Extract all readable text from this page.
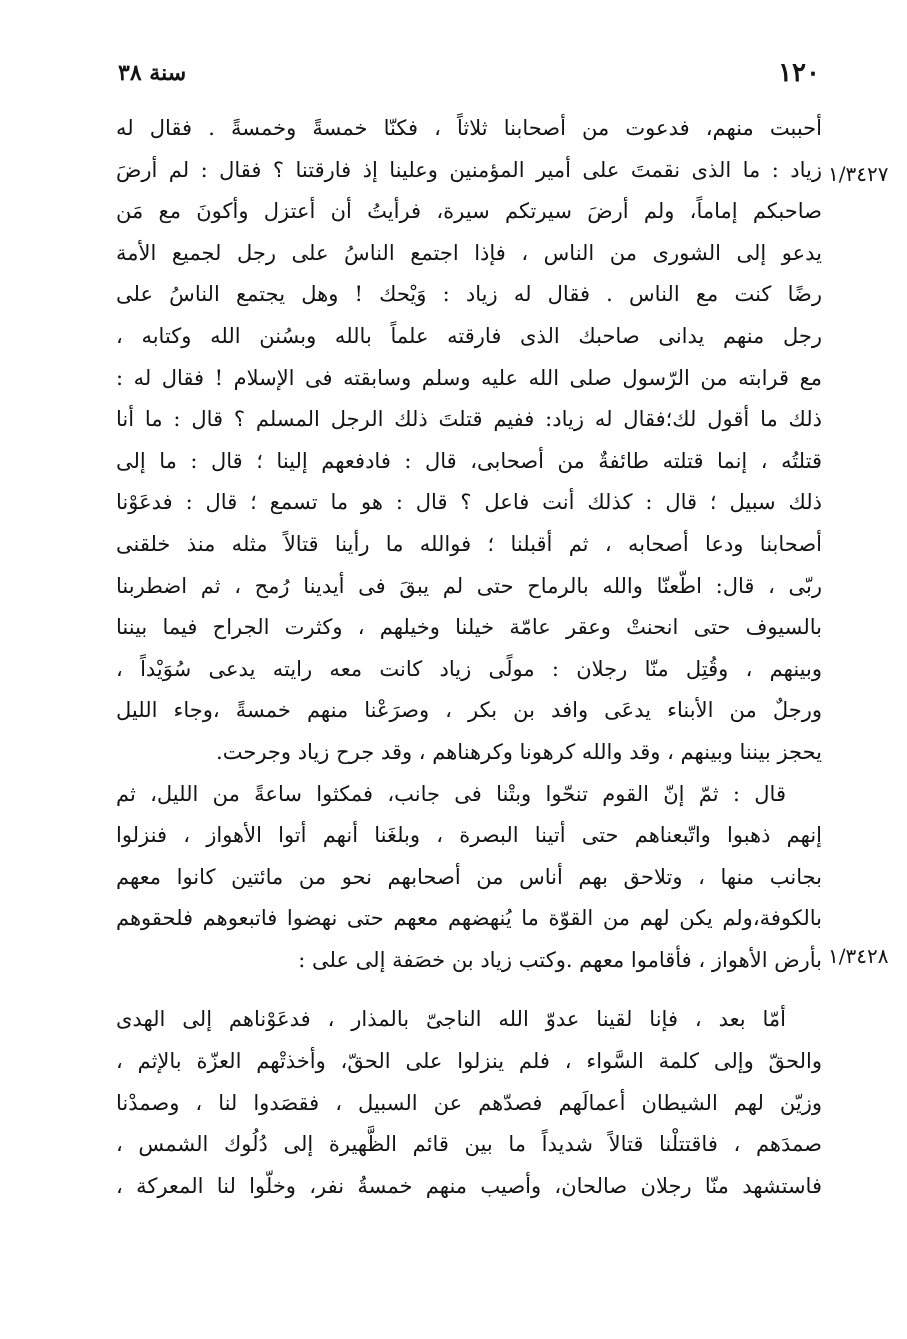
١٢٠
سنة ٣٨
١/٣٤٢٧
١/٣٤٢٨
أحببت منهم، فدعوت من أصحابنا ثلاثاً ، فكنّا خمسةً وخمسةً . فقال له
زياد : ما الذى نقمتَ على أمير المؤمنين وعلينا إذ فارقتنا ؟ فقال : لم أرضَ
صاحبكم إماماً، ولم أرضَ سيرتكم سيرة، فرأيتُ أن أعتزل وأكونَ مع مَن
يدعو إلى الشورى من الناس ، فإذا اجتمع الناسُ على رجل لجميع الأمة
رضًا كنت مع الناس . فقال له زياد : وَيْحك ! وهل يجتمع الناسُ على
رجل منهم يدانى صاحبك الذى فارقته علماً بالله وبسُنن الله وكتابه ،
مع قرابته من الرّسول صلى الله عليه وسلم وسابقته فى الإسلام ! فقال له :
ذلك ما أقول لك؛فقال له زياد: ففيم قتلتَ ذلك الرجل المسلم ؟ قال : ما أنا
قتلتُه ، إنما قتلته طائفةٌ من أصحابى، قال : فادفعهم إلينا ؛ قال : ما إلى
ذلك سبيل ؛ قال : كذلك أنت فاعل ؟ قال : هو ما تسمع ؛ قال : فدعَوْنا
أصحابنا ودعا أصحابه ، ثم أقبلنا ؛ فوالله ما رأينا قتالاً مثله منذ خلقنى
ربّى ، قال: اطّعنّا والله بالرماح حتى لم يبقَ فى أيدينا رُمح ، ثم اضطربنا
بالسيوف حتى انحنتْ وعقر عامّة خيلنا وخيلهم ، وكثرت الجراح فيما بيننا
وبينهم ، وقُتِل منّا رجلان : مولًى زياد كانت معه رايته يدعى سُوَيْداً ،
ورجلٌ من الأبناء يدعَى وافد بن بكر ، وصرَعْنا منهم خمسةً ،وجاء الليل
يحجز بيننا وبينهم ، وقد والله كرهونا وكرهناهم ، وقد جرح زياد وجرحت.
قال : ثمّ إنّ القوم تنحّوا وبتْنا فى جانب، فمكثوا ساعةً من الليل، ثم
إنهم ذهبوا واتّبعناهم حتى أتينا البصرة ، وبلغَنا أنهم أتوا الأهواز ، فنزلوا
بجانب منها ، وتلاحق بهم أناس من أصحابهم نحو من مائتين كانوا معهم
بالكوفة،ولم يكن لهم من القوّة ما يُنهضهم معهم حتى نهضوا فاتبعوهم فلحقوهم
بأرض الأهواز ، فأقاموا معهم .وكتب زياد بن خصَفة إلى على :
أمّا بعد ، فإنا لقينا عدوّ الله الناجىّ بالمذار ، فدعَوْناهم إلى الهدى
والحقّ وإلى كلمة السَّواء ، فلم ينزلوا على الحقّ، وأخذتْهم العزّة بالإثم ،
وزيّن لهم الشيطان أعمالَهم فصدّهم عن السبيل ، فقصَدوا لنا ، وصمدْنا
صمدَهم ، فاقتتلْنا قتالاً شديداً ما بين قائم الظَّهيرة إلى دُلُوك الشمس ،
فاستشهد منّا رجلان صالحان، وأصيب منهم خمسةُ نفر، وخلّوا لنا المعركة ،
